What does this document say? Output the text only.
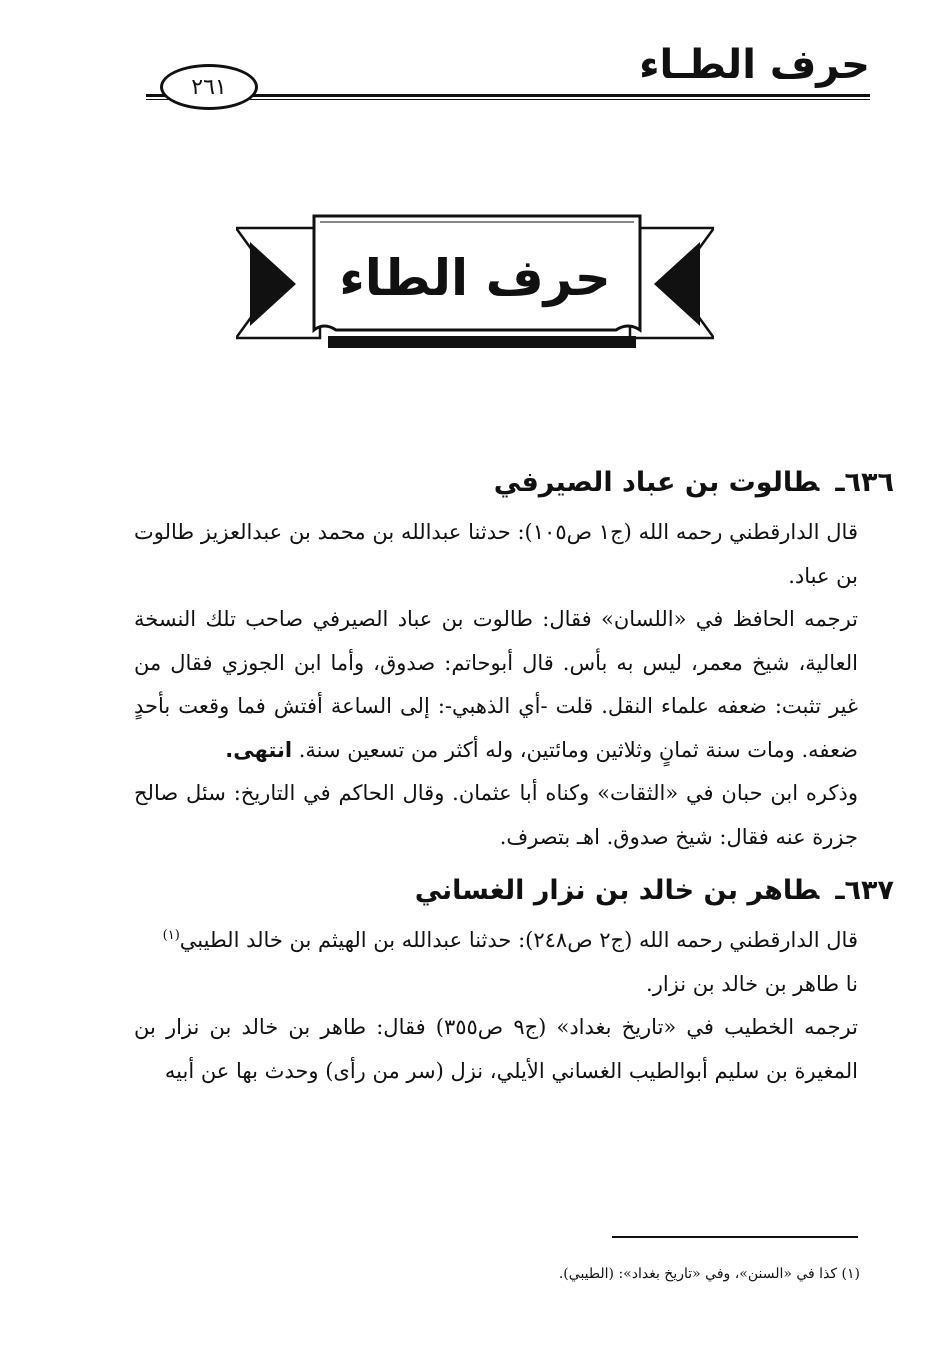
حرف الطـاء
٢٦١
حرف الطاء
٦٣٦ـطالوت بن عباد الصيرفي

قال الدارقطني رحمه الله (ج١ ص١٠٥): حدثنا عبدالله بن محمد بن عبدالعزيز طالوت بن عباد.

ترجمه الحافظ في «اللسان» فقال: طالوت بن عباد الصيرفي صاحب تلك النسخة العالية، شيخ معمر، ليس به بأس. قال أبوحاتم: صدوق، وأما ابن الجوزي فقال من غير تثبت: ضعفه علماء النقل. قلت -أي الذهبي-: إلى الساعة أفتش فما وقعت بأحدٍ ضعفه. ومات سنة ثمانٍ وثلاثين ومائتين، وله أكثر من تسعين سنة. انتهى.

وذكره ابن حبان في «الثقات» وكناه أبا عثمان. وقال الحاكم في التاريخ: سئل صالح جزرة عنه فقال: شيخ صدوق. اهـ بتصرف.

٦٣٧ـطاهر بن خالد بن نزار الغساني

قال الدارقطني رحمه الله (ج٢ ص٢٤٨): حدثنا عبدالله بن الهيثم بن خالد الطيبي$^{(١)}$

نا طاهر بن خالد بن نزار.

ترجمه الخطيب في «تاريخ بغداد» (ج٩ ص٣٥٥) فقال: طاهر بن خالد بن نزار بن المغيرة بن سليم أبوالطيب الغساني الأيلي، نزل (سر من رأى) وحدث بها عن أبيه

(١) كذا في «السنن»، وفي «تاريخ بغداد»: (الطيبي).
